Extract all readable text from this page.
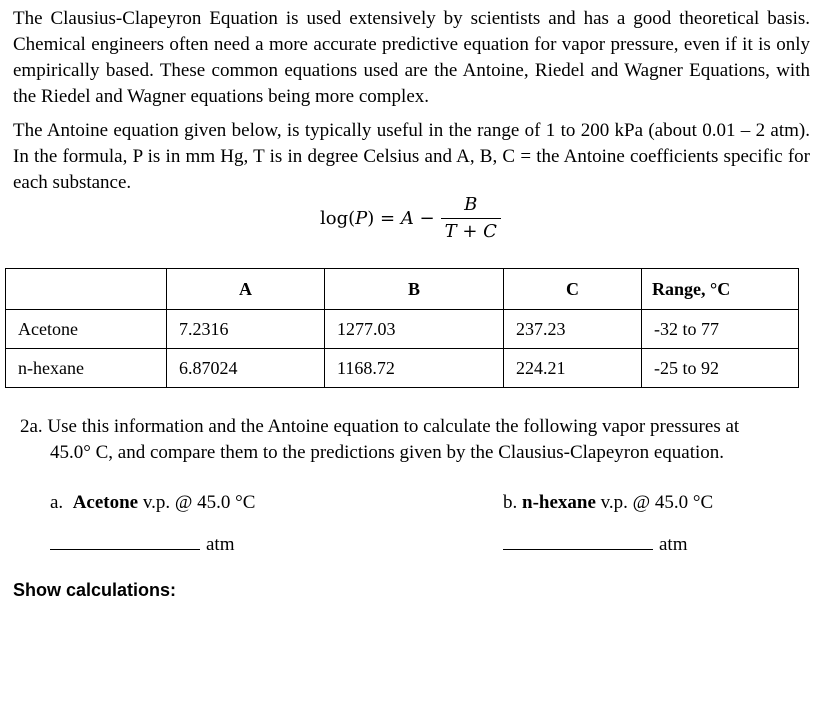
The Clausius-Clapeyron Equation is used extensively by scientists and has a good theoretical basis. Chemical engineers often need a more accurate predictive equation for vapor pressure, even if it is only empirically based. These common equations used are the Antoine, Riedel and Wagner Equations, with the Riedel and Wagner equations being more complex.

The Antoine equation given below, is typically useful in the range of 1 to 200 kPa (about 0.01 – 2 atm). In the formula, P is in mm Hg, T is in degree Celsius and A, B, C = the Antoine coefficients specific for each substance.

$\log(P) = A - \frac{B}{T + C}$
	A	B	C	Range, °C
Acetone	7.2316	1277.03	237.23	-32 to 77
n-hexane	6.87024	1168.72	224.21	-25 to 92
2a. Use this information and the Antoine equation to calculate the following vapor pressures at
45.0° C, and compare them to the predictions given by the Clausius-Clapeyron equation.
a. Acetone v.p. @ 45.0 °C	b. n-hexane v.p. @ 45.0 °C
atm	atm
Show calculations:
